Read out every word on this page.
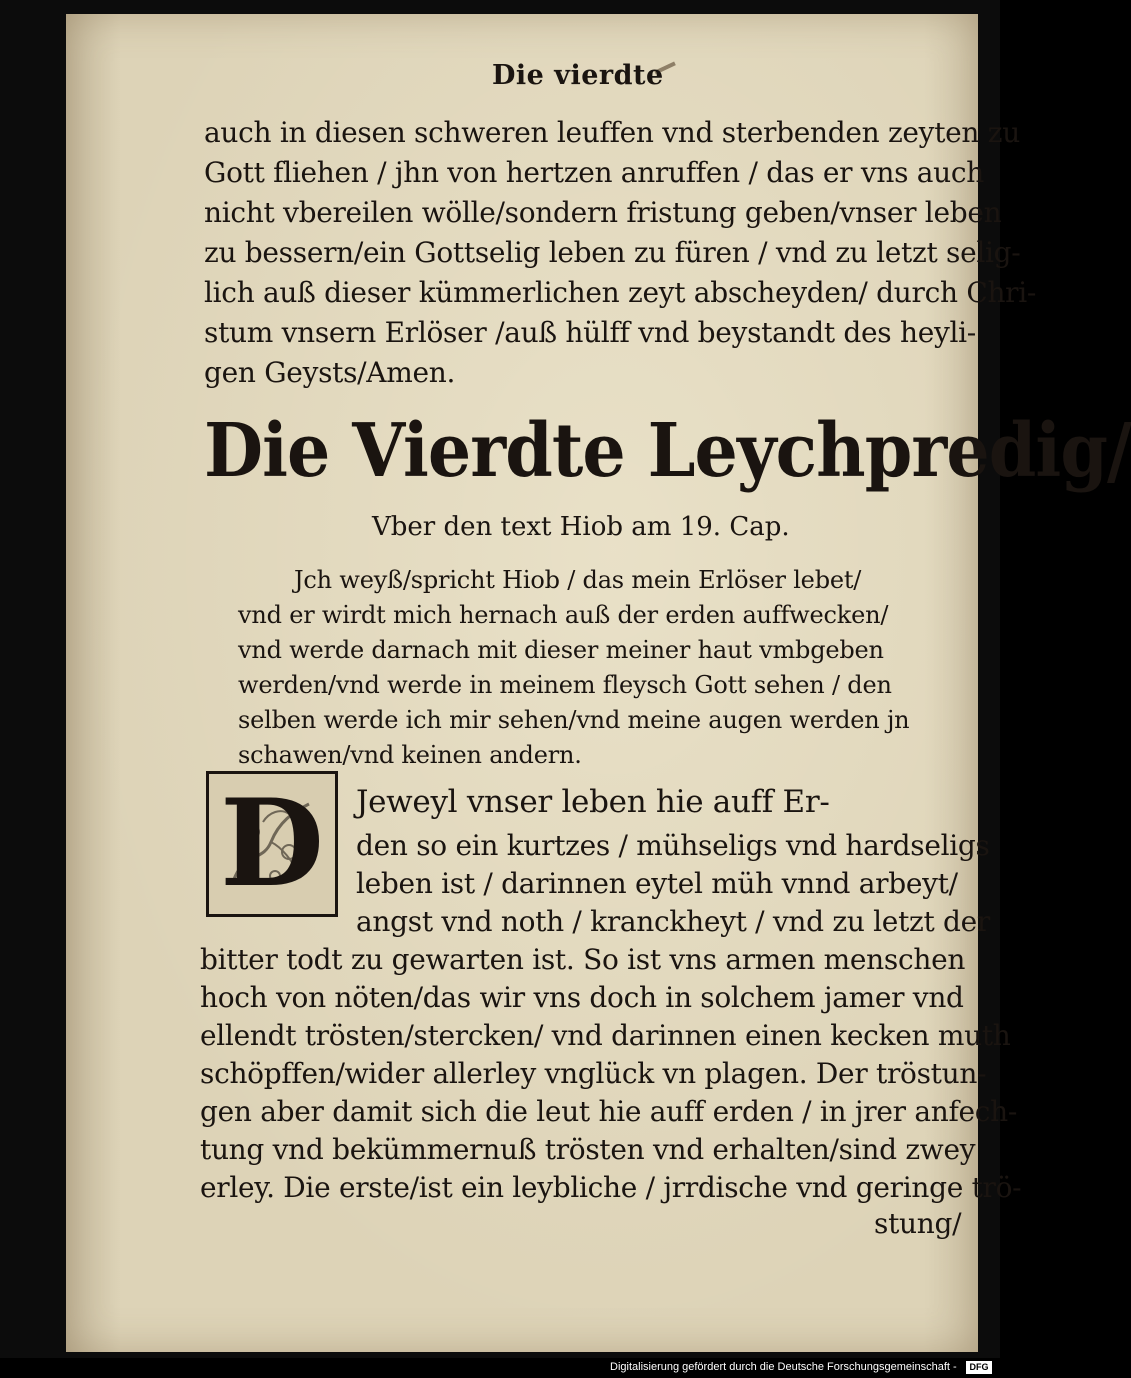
Die vierdte
auch in diesen schweren leuffen vnd sterbenden zeyten zu
Gott fliehen / jhn von hertzen anruffen / das er vns auch
nicht vbereilen wölle/sondern fristung geben/vnser leben
zu bessern/ein Gottselig leben zu füren / vnd zu letzt selig-
lich auß dieser kümmerlichen zeyt abscheyden/ durch Chri-
stum vnsern Erlöser /auß hülff vnd beystandt des heyli-
gen Geysts/Amen.
Die Vierdte Leychpredig/
Vber den text Hiob am 19. Cap.
Jch weyß/spricht Hiob / das mein Erlöser lebet/
vnd er wirdt mich hernach auß der erden auffwecken/
vnd werde darnach mit dieser meiner haut vmbgeben
werden/vnd werde in meinem fleysch Gott sehen / den
selben werde ich mir sehen/vnd meine augen werden jn
schawen/vnd keinen andern.
D	Jeweyl vnser leben hie auff Er-
den so ein kurtzes / mühseligs vnd hardseligs
leben ist / darinnen eytel müh vnnd arbeyt/
angst vnd noth / kranckheyt / vnd zu letzt der
bitter todt zu gewarten ist. So ist vns armen menschen
hoch von nöten/das wir vns doch in solchem jamer vnd
ellendt trösten/stercken/ vnd darinnen einen kecken muth
schöpffen/wider allerley vnglück vn plagen. Der tröstun-
gen aber damit sich die leut hie auff erden / in jrer anfech-
tung vnd bekümmernuß trösten vnd erhalten/sind zwey
erley. Die erste/ist ein leybliche / jrrdische vnd geringe trö-
stung/
Digitalisierung gefördert durch die Deutsche Forschungsgemeinschaft -	DFG
